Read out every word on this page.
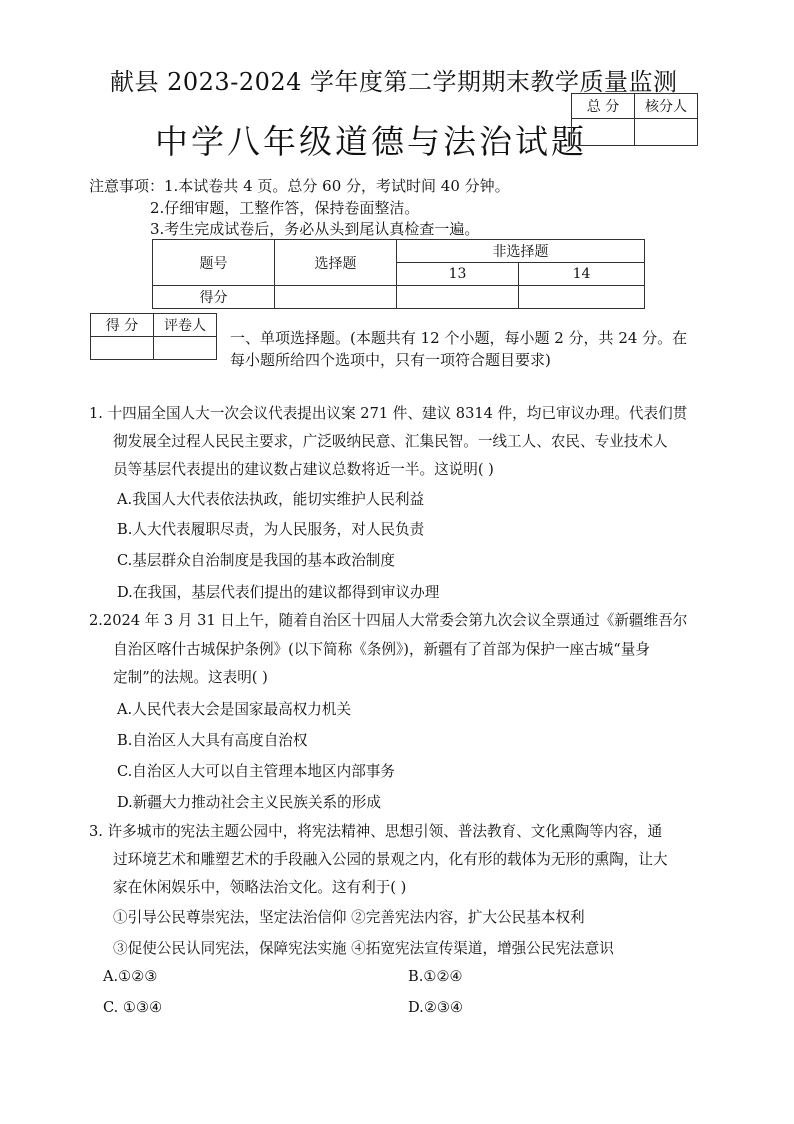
献县 2023-2024 学年度第二学期期末教学质量监测
中学八年级道德与法治试题
总 分	核分人

注意事项： 1.本试卷共 4 页。总分 60 分，考试时间 40 分钟。
2.仔细审题，工整作答，保持卷面整洁。
3.考生完成试卷后，务必从头到尾认真检查一遍。
题号	选择题	非选择题	
		13	14
得分			
得 分	评卷人

一、单项选择题。(本题共有 12 个小题，每小题 2 分，共 24 分。在
每小题所给四个选项中，只有一项符合题目要求)
1. 十四届全国人大一次会议代表提出议案 271 件、建议 8314 件，均已审议办理。代表们贯
彻发展全过程人民民主要求，广泛吸纳民意、汇集民智。一线工人、农民、专业技术人
员等基层代表提出的建议数占建议总数将近一半。这说明( )
A.我国人大代表依法执政，能切实维护人民利益
B.人大代表履职尽责，为人民服务，对人民负责
C.基层群众自治制度是我国的基本政治制度
D.在我国，基层代表们提出的建议都得到审议办理
2.2024 年 3 月 31 日上午，随着自治区十四届人大常委会第九次会议全票通过《新疆维吾尔
自治区喀什古城保护条例》(以下简称《条例》)，新疆有了首部为保护一座古城“量身
定制”的法规。这表明( )
A.人民代表大会是国家最高权力机关
B.自治区人大具有高度自治权
C.自治区人大可以自主管理本地区内部事务
D.新疆大力推动社会主义民族关系的形成
3. 许多城市的宪法主题公园中，将宪法精神、思想引领、普法教育、文化熏陶等内容，通
过环境艺术和雕塑艺术的手段融入公园的景观之内，化有形的载体为无形的熏陶，让大
家在休闲娱乐中，领略法治文化。这有利于( )
①引导公民尊崇宪法，坚定法治信仰 ②完善宪法内容，扩大公民基本权利
③促使公民认同宪法，保障宪法实施 ④拓宽宪法宣传渠道，增强公民宪法意识
A.①②③	B.①②④
C. ①③④	D.②③④
